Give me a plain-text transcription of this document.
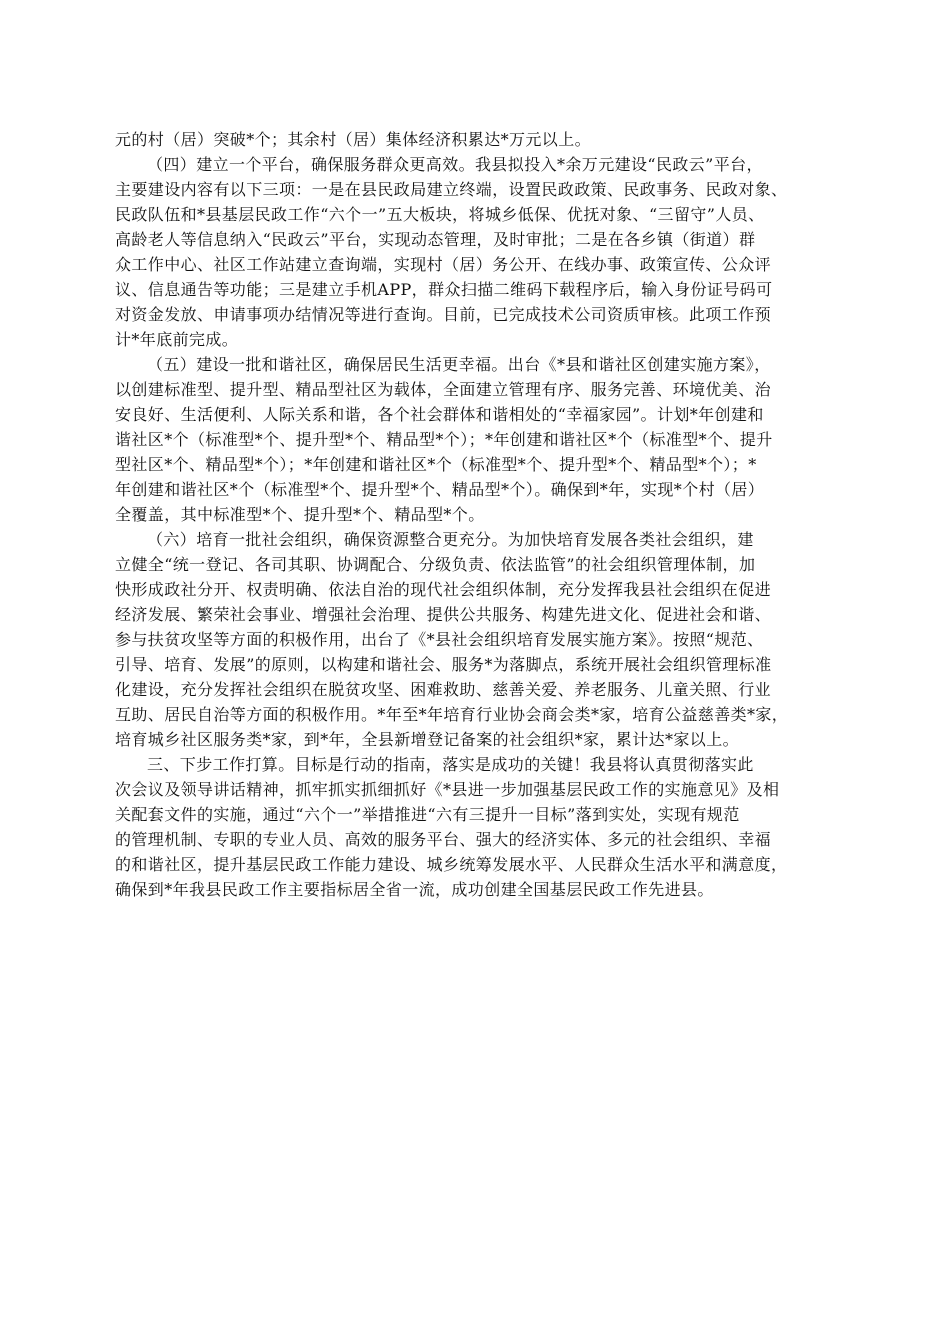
元的村（居）突破*个；其余村（居）集体经济积累达*万元以上。
（四）建立一个平台，确保服务群众更高效。我县拟投入*余万元建设“民政云”平台，
主要建设内容有以下三项：一是在县民政局建立终端，设置民政政策、民政事务、民政对象、
民政队伍和*县基层民政工作“六个一”五大板块，将城乡低保、优抚对象、“三留守”人员、
高龄老人等信息纳入“民政云”平台，实现动态管理，及时审批；二是在各乡镇（街道）群
众工作中心、社区工作站建立查询端，实现村（居）务公开、在线办事、政策宣传、公众评
议、信息通告等功能；三是建立手机APP，群众扫描二维码下载程序后，输入身份证号码可
对资金发放、申请事项办结情况等进行查询。目前，已完成技术公司资质审核。此项工作预
计*年底前完成。
（五）建设一批和谐社区，确保居民生活更幸福。出台《*县和谐社区创建实施方案》，
以创建标准型、提升型、精品型社区为载体，全面建立管理有序、服务完善、环境优美、治
安良好、生活便利、人际关系和谐，各个社会群体和谐相处的“幸福家园”。计划*年创建和
谐社区*个（标准型*个、提升型*个、精品型*个）；*年创建和谐社区*个（标准型*个、提升
型社区*个、精品型*个）；*年创建和谐社区*个（标准型*个、提升型*个、精品型*个）；*
年创建和谐社区*个（标准型*个、提升型*个、精品型*个）。确保到*年，实现*个村（居）
全覆盖，其中标准型*个、提升型*个、精品型*个。
（六）培育一批社会组织，确保资源整合更充分。为加快培育发展各类社会组织，建
立健全“统一登记、各司其职、协调配合、分级负责、依法监管”的社会组织管理体制，加
快形成政社分开、权责明确、依法自治的现代社会组织体制，充分发挥我县社会组织在促进
经济发展、繁荣社会事业、增强社会治理、提供公共服务、构建先进文化、促进社会和谐、
参与扶贫攻坚等方面的积极作用，出台了《*县社会组织培育发展实施方案》。按照“规范、
引导、培育、发展”的原则，以构建和谐社会、服务*为落脚点，系统开展社会组织管理标准
化建设，充分发挥社会组织在脱贫攻坚、困难救助、慈善关爱、养老服务、儿童关照、行业
互助、居民自治等方面的积极作用。*年至*年培育行业协会商会类*家，培育公益慈善类*家，
培育城乡社区服务类*家，到*年，全县新增登记备案的社会组织*家，累计达*家以上。
三、下步工作打算。目标是行动的指南，落实是成功的关键！我县将认真贯彻落实此
次会议及领导讲话精神，抓牢抓实抓细抓好《*县进一步加强基层民政工作的实施意见》及相
关配套文件的实施，通过“六个一”举措推进“六有三提升一目标”落到实处，实现有规范
的管理机制、专职的专业人员、高效的服务平台、强大的经济实体、多元的社会组织、幸福
的和谐社区，提升基层民政工作能力建设、城乡统筹发展水平、人民群众生活水平和满意度，
确保到*年我县民政工作主要指标居全省一流，成功创建全国基层民政工作先进县。
